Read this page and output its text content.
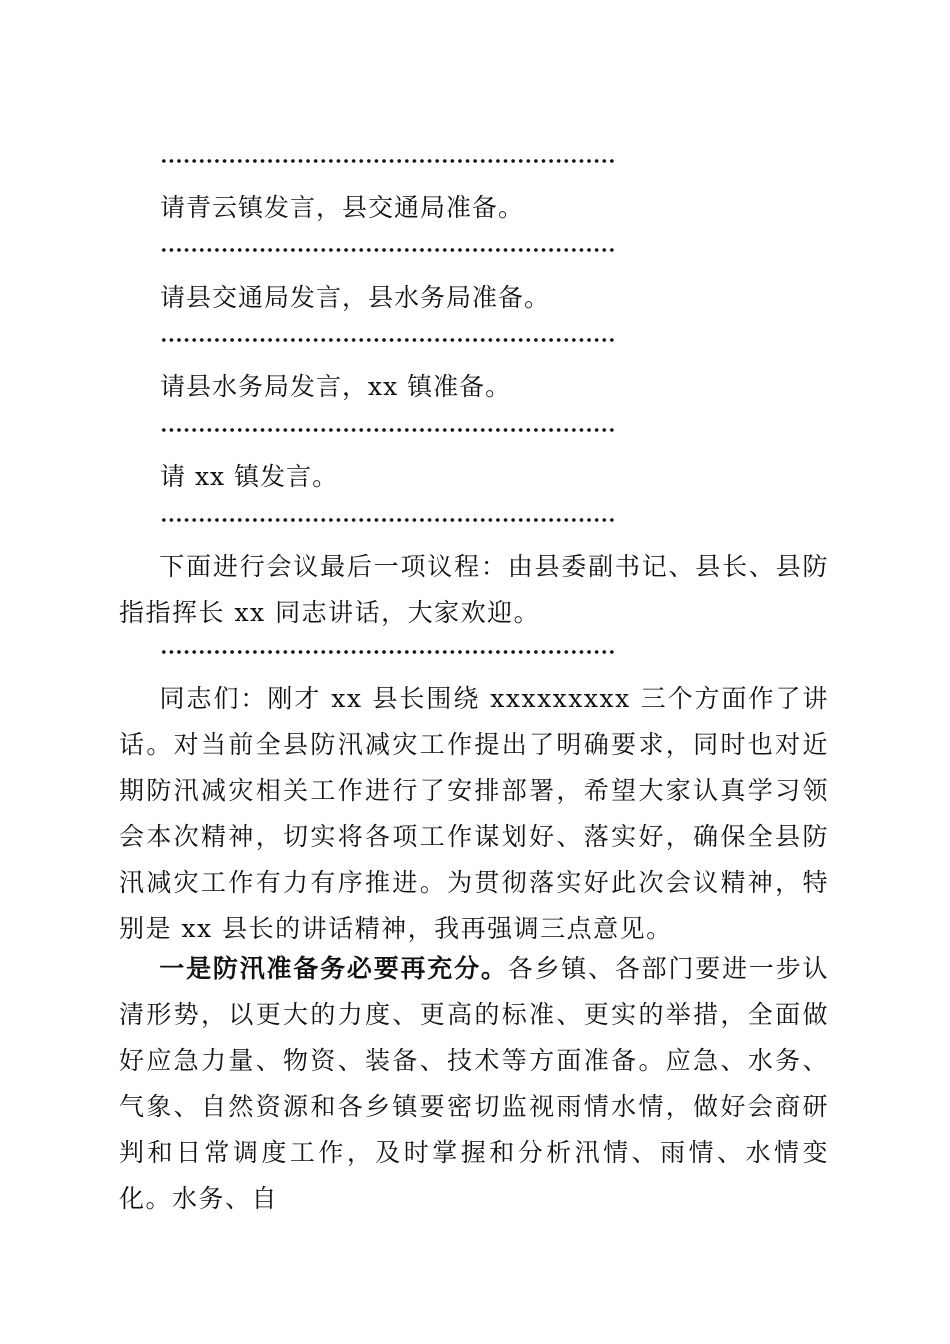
请青云镇发言，县交通局准备。
请县交通局发言，县水务局准备。
请县水务局发言，xx 镇准备。
请 xx 镇发言。
下面进行会议最后一项议程：由县委副书记、县长、县防指指挥长 xx 同志讲话，大家欢迎。
同志们：刚才 xx 县长围绕 xxxxxxxxx 三个方面作了讲话。对当前全县防汛减灾工作提出了明确要求，同时也对近期防汛减灾相关工作进行了安排部署，希望大家认真学习领会本次精神，切实将各项工作谋划好、落实好，确保全县防汛减灾工作有力有序推进。为贯彻落实好此次会议精神，特别是 xx 县长的讲话精神，我再强调三点意见。
一是防汛准备务必要再充分。各乡镇、各部门要进一步认清形势，以更大的力度、更高的标准、更实的举措，全面做好应急力量、物资、装备、技术等方面准备。应急、水务、气象、自然资源和各乡镇要密切监视雨情水情，做好会商研判和日常调度工作，及时掌握和分析汛情、雨情、水情变化。水务、自
